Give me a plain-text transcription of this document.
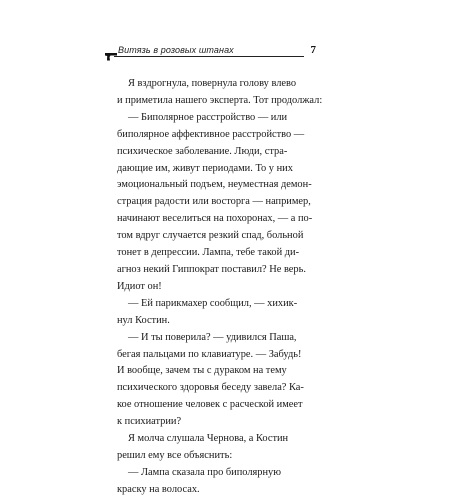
Витязь в розовых штанах	7

Я вздрогнула, повернула голову влево
и приметила нашего эксперта. Тот продолжал:

— Биполярное расстройство — или
биполярное аффективное расстройство —
психическое заболевание. Люди, стра-
дающие им, живут периодами. То у них
эмоциональный подъем, неуместная демон-
страция радости или восторга — например,
начинают веселиться на похоронах, — а по-
том вдруг случается резкий спад, больной
тонет в депрессии. Лампа, тебе такой ди-
агноз некий Гиппократ поставил? Не верь.
Идиот он!

— Ей парикмахер сообщил, — хихик-
нул Костин.

— И ты поверила? — удивился Паша,
бегая пальцами по клавиатуре. — Забудь!
И вообще, зачем ты с дураком на тему
психического здоровья беседу завела? Ка-
кое отношение человек с расческой имеет
к психиатрии?

Я молча слушала Чернова, а Костин
решил ему все объяснить:

— Лампа сказала про биполярную
краску на волосах.
